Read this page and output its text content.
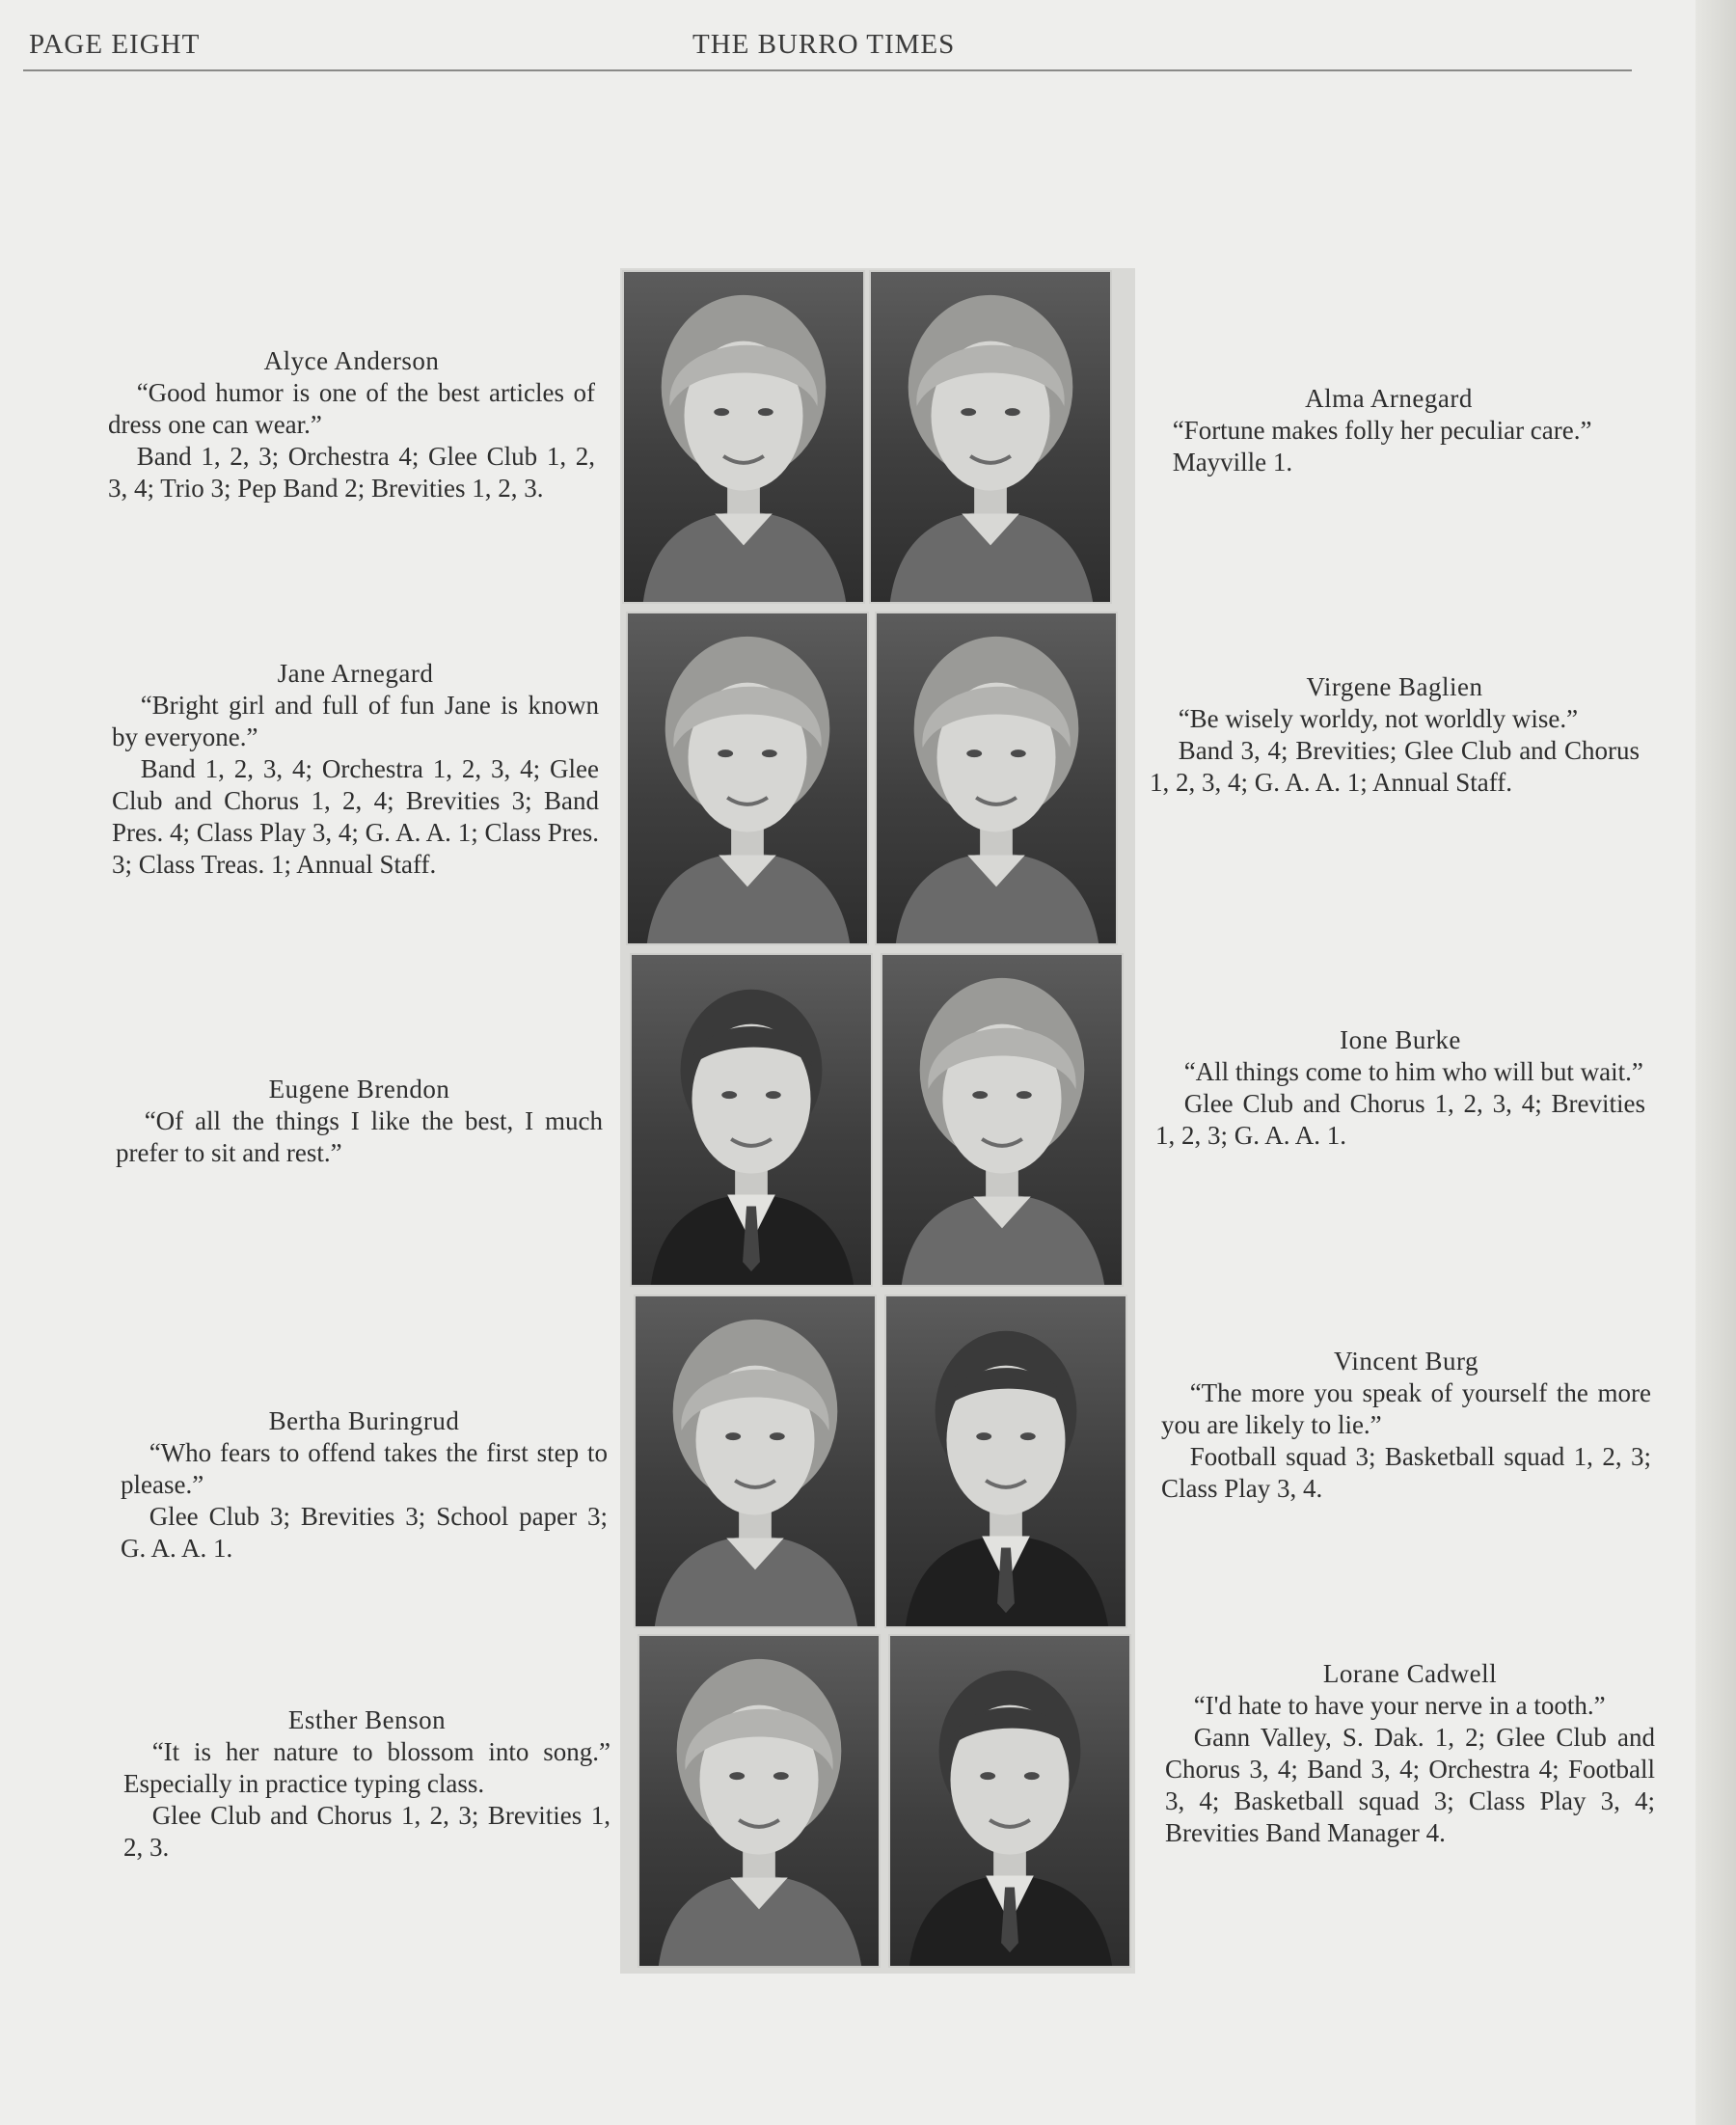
PAGE EIGHT	THE BURRO TIMES
Alyce Anderson
“Good humor is one of the best articles of dress one can wear.”
Band 1, 2, 3; Orchestra 4; Glee Club 1, 2, 3, 4; Trio 3; Pep Band 2; Brevities 1, 2, 3.
Jane Arnegard
“Bright girl and full of fun Jane is known by everyone.”
Band 1, 2, 3, 4; Orchestra 1, 2, 3, 4; Glee Club and Chorus 1, 2, 4; Brevities 3; Band Pres. 4; Class Play 3, 4; G. A. A. 1; Class Pres. 3; Class Treas. 1; Annual Staff.
Eugene Brendon
“Of all the things I like the best, I much prefer to sit and rest.”
Bertha Buringrud
“Who fears to offend takes the first step to please.”
Glee Club 3; Brevities 3; School paper 3; G. A. A. 1.
Esther Benson
“It is her nature to blossom into song.” Especially in practice typing class.
Glee Club and Chorus 1, 2, 3; Brevities 1, 2, 3.
Alma Arnegard
“Fortune makes folly her peculiar care.”
Mayville 1.
Virgene Baglien
“Be wisely worldy, not worldly wise.”
Band 3, 4; Brevities; Glee Club and Chorus 1, 2, 3, 4; G. A. A. 1; Annual Staff.
Ione Burke
“All things come to him who will but wait.”
Glee Club and Chorus 1, 2, 3, 4; Brevities 1, 2, 3; G. A. A. 1.
Vincent Burg
“The more you speak of yourself the more you are likely to lie.”
Football squad 3; Basketball squad 1, 2, 3; Class Play 3, 4.
Lorane Cadwell
“I'd hate to have your nerve in a tooth.”
Gann Valley, S. Dak. 1, 2; Glee Club and Chorus 3, 4; Band 3, 4; Orchestra 4; Football 3, 4; Basketball squad 3; Class Play 3, 4; Brevities Band Manager 4.
